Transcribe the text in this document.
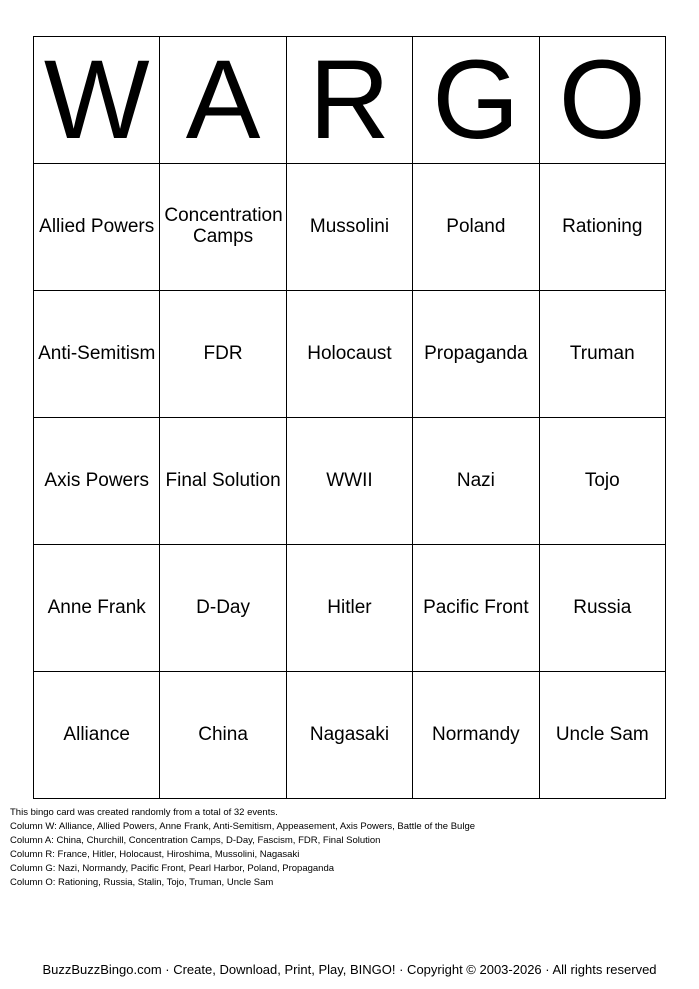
W	A	R	G	O
Allied Powers	Concentration Camps	Mussolini	Poland	Rationing
Anti-Semitism	FDR	Holocaust	Propaganda	Truman
Axis Powers	Final Solution	WWII	Nazi	Tojo
Anne Frank	D-Day	Hitler	Pacific Front	Russia
Alliance	China	Nagasaki	Normandy	Uncle Sam
This bingo card was created randomly from a total of 32 events.
Column W: Alliance, Allied Powers, Anne Frank, Anti-Semitism, Appeasement, Axis Powers, Battle of the Bulge
Column A: China, Churchill, Concentration Camps, D-Day, Fascism, FDR, Final Solution
Column R: France, Hitler, Holocaust, Hiroshima, Mussolini, Nagasaki
Column G: Nazi, Normandy, Pacific Front, Pearl Harbor, Poland, Propaganda
Column O: Rationing, Russia, Stalin, Tojo, Truman, Uncle Sam
BuzzBuzzBingo.com · Create, Download, Print, Play, BINGO! · Copyright © 2003-2026 · All rights reserved
